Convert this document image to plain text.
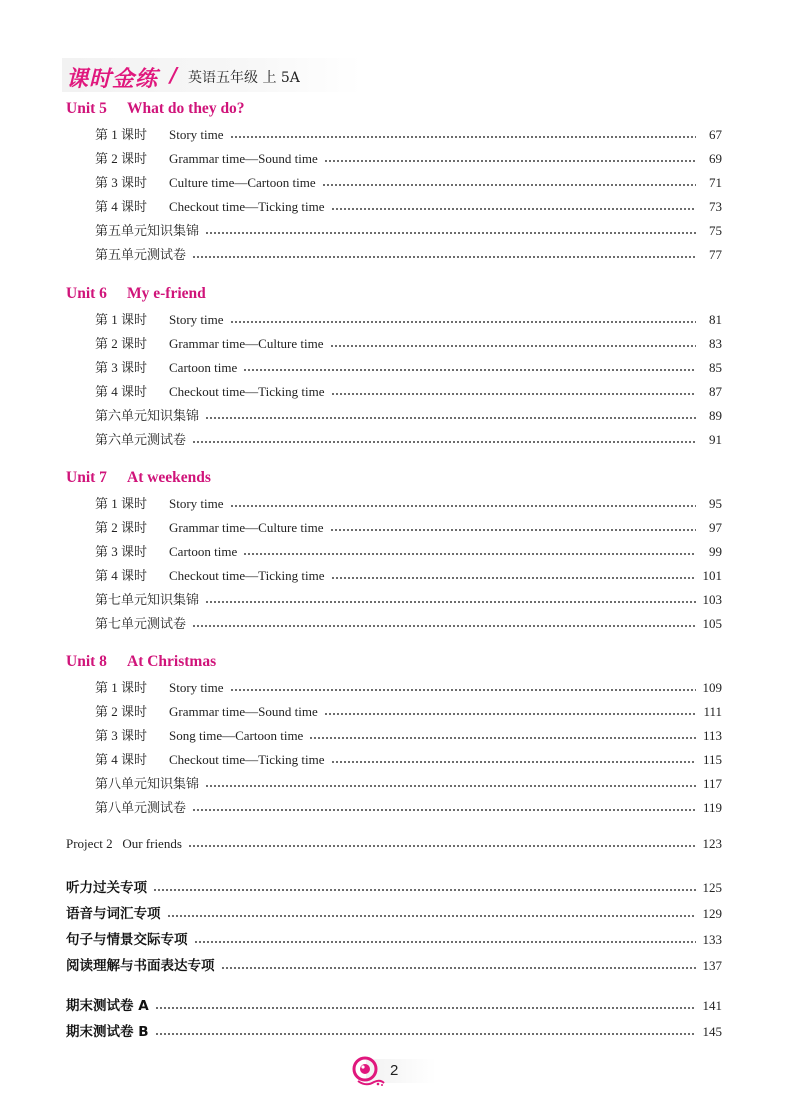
课时金练 / 英语五年级 上 5A
Unit 5 What do they do?
第 1 课时	Story time	67
第 2 课时	Grammar time—Sound time	69
第 3 课时	Culture time—Cartoon time	71
第 4 课时	Checkout time—Ticking time	73
第五单元知识集锦	75
第五单元测试卷	77
Unit 6 My e-friend
第 1 课时	Story time	81
第 2 课时	Grammar time—Culture time	83
第 3 课时	Cartoon time	85
第 4 课时	Checkout time—Ticking time	87
第六单元知识集锦	89
第六单元测试卷	91
Unit 7 At weekends
第 1 课时	Story time	95
第 2 课时	Grammar time—Culture time	97
第 3 课时	Cartoon time	99
第 4 课时	Checkout time—Ticking time	101
第七单元知识集锦	103
第七单元测试卷	105
Unit 8 At Christmas
第 1 课时	Story time	109
第 2 课时	Grammar time—Sound time	111
第 3 课时	Song time—Cartoon time	113
第 4 课时	Checkout time—Ticking time	115
第八单元知识集锦	117
第八单元测试卷	119
Project 2   Our friends	123
听力过关专项	125
语音与词汇专项	129
句子与情景交际专项	133
阅读理解与书面表达专项	137
期末测试卷 A	141
期末测试卷 B	145
2
